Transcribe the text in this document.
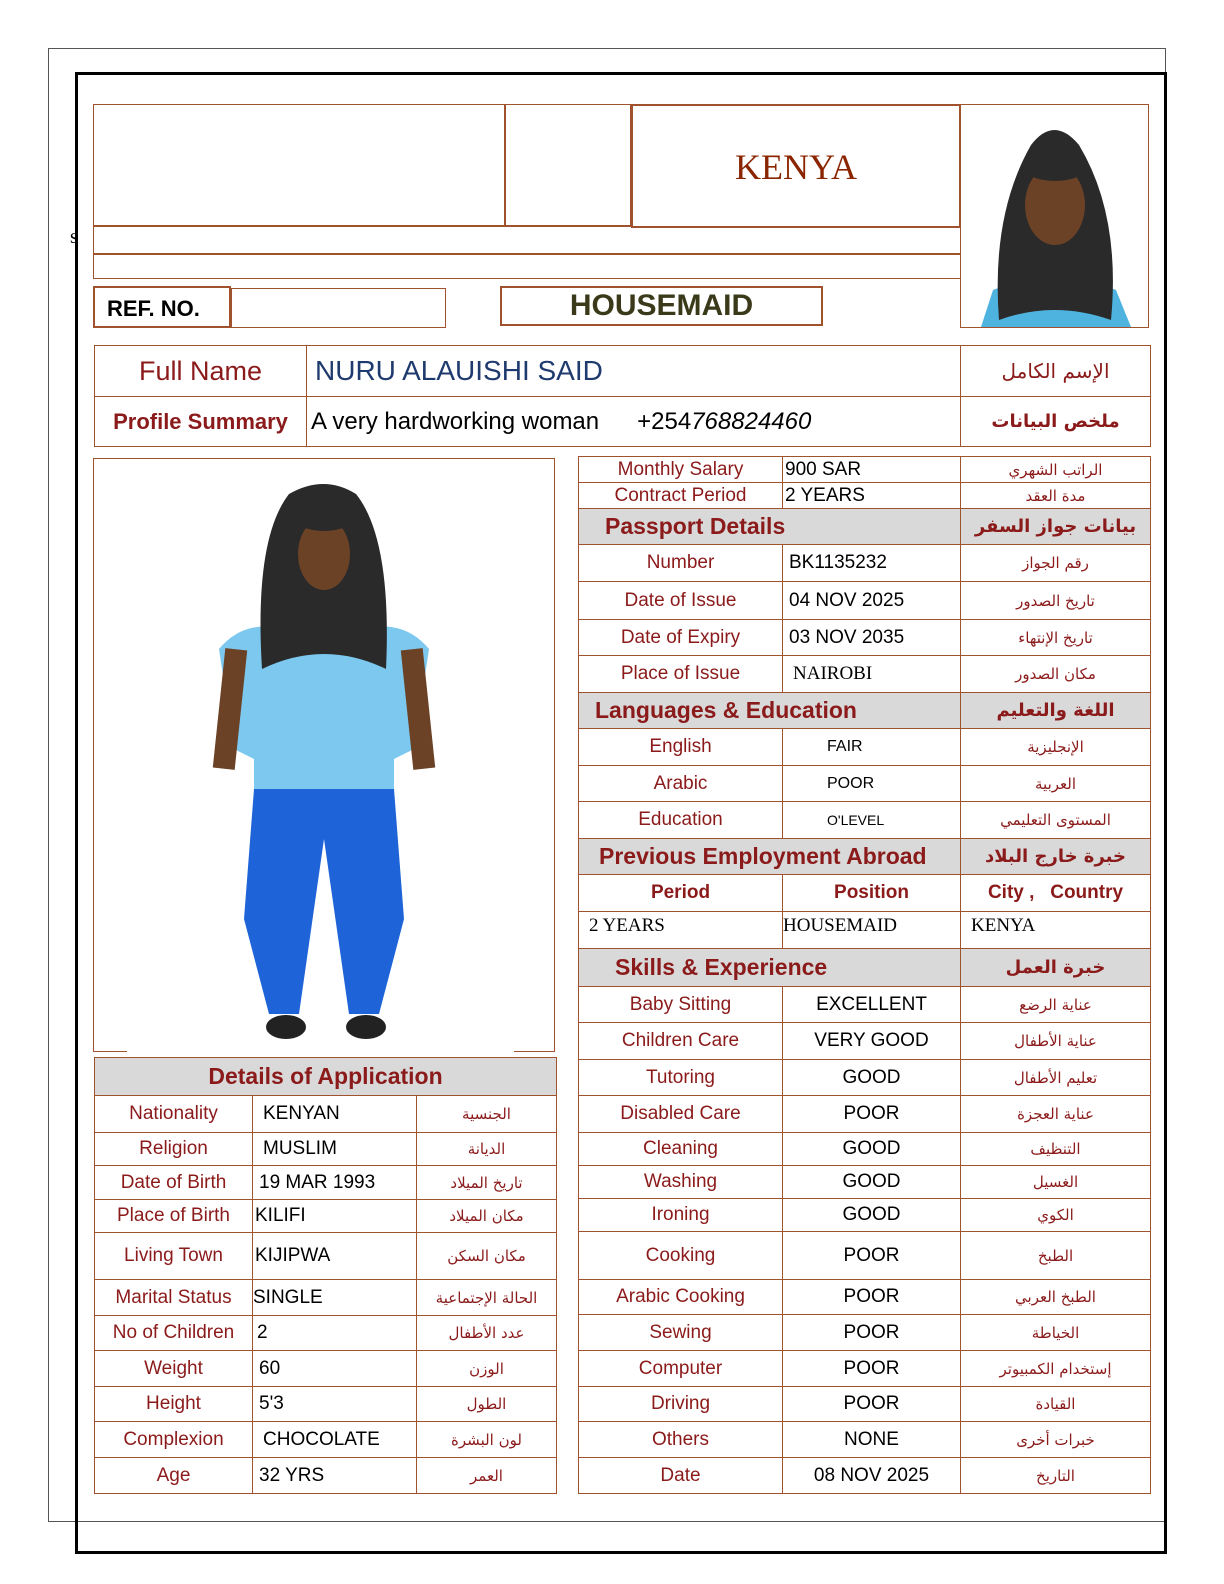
KENYA
s
REF. NO.	HOUSEMAID
Full Name	NURU ALAUISHI SAID	الإسم الكامل
Profile Summary	A very hardworking woman +254768824460	ملخص البيانات
Details of Application		
Nationality	KENYAN	الجنسية
Religion	MUSLIM	الديانة
Date of Birth	19 MAR 1993	تاريخ الميلاد
Place of Birth	KILIFI	مكان الميلاد
Living Town	KIJIPWA	مكان السكن
Marital Status	SINGLE	الحالة الإجتماعية
No of Children	2	عدد الأطفال
Weight	60	الوزن
Height	5'3	الطول
Complexion	CHOCOLATE	لون البشرة
Age	32 YRS	العمر
Monthly Salary	900 SAR	الراتب الشهري
Contract Period	2 YEARS	مدة العقد
Passport Details		بيانات جواز السفر
Number	BK1135232	رقم الجواز
Date of Issue	04 NOV 2025	تاريخ الصدور
Date of Expiry	03 NOV 2035	تاريخ الإنتهاء
Place of Issue	NAIROBI	مكان الصدور
Languages & Education		اللغة والتعليم
English	FAIR	الإنجليزية
Arabic	POOR	العربية
Education	O'LEVEL	المستوى التعليمي
Previous Employment Abroad		خبرة خارج البلاد
Period	Position	City ,   Country
2 YEARS	HOUSEMAID	KENYA
Skills & Experience		خبرة العمل
Baby Sitting	EXCELLENT	عناية الرضع
Children Care	VERY GOOD	عناية الأطفال
Tutoring	GOOD	تعليم الأطفال
Disabled Care	POOR	عناية العجزة
Cleaning	GOOD	التنظيف
Washing	GOOD	الغسيل
Ironing	GOOD	الكوي
Cooking	POOR	الطبخ
Arabic Cooking	POOR	الطبخ العربي
Sewing	POOR	الخياطة
Computer	POOR	إستخدام الكمبيوتر
Driving	POOR	القيادة
Others	NONE	خبرات أخرى
Date	08 NOV 2025	التاريخ
